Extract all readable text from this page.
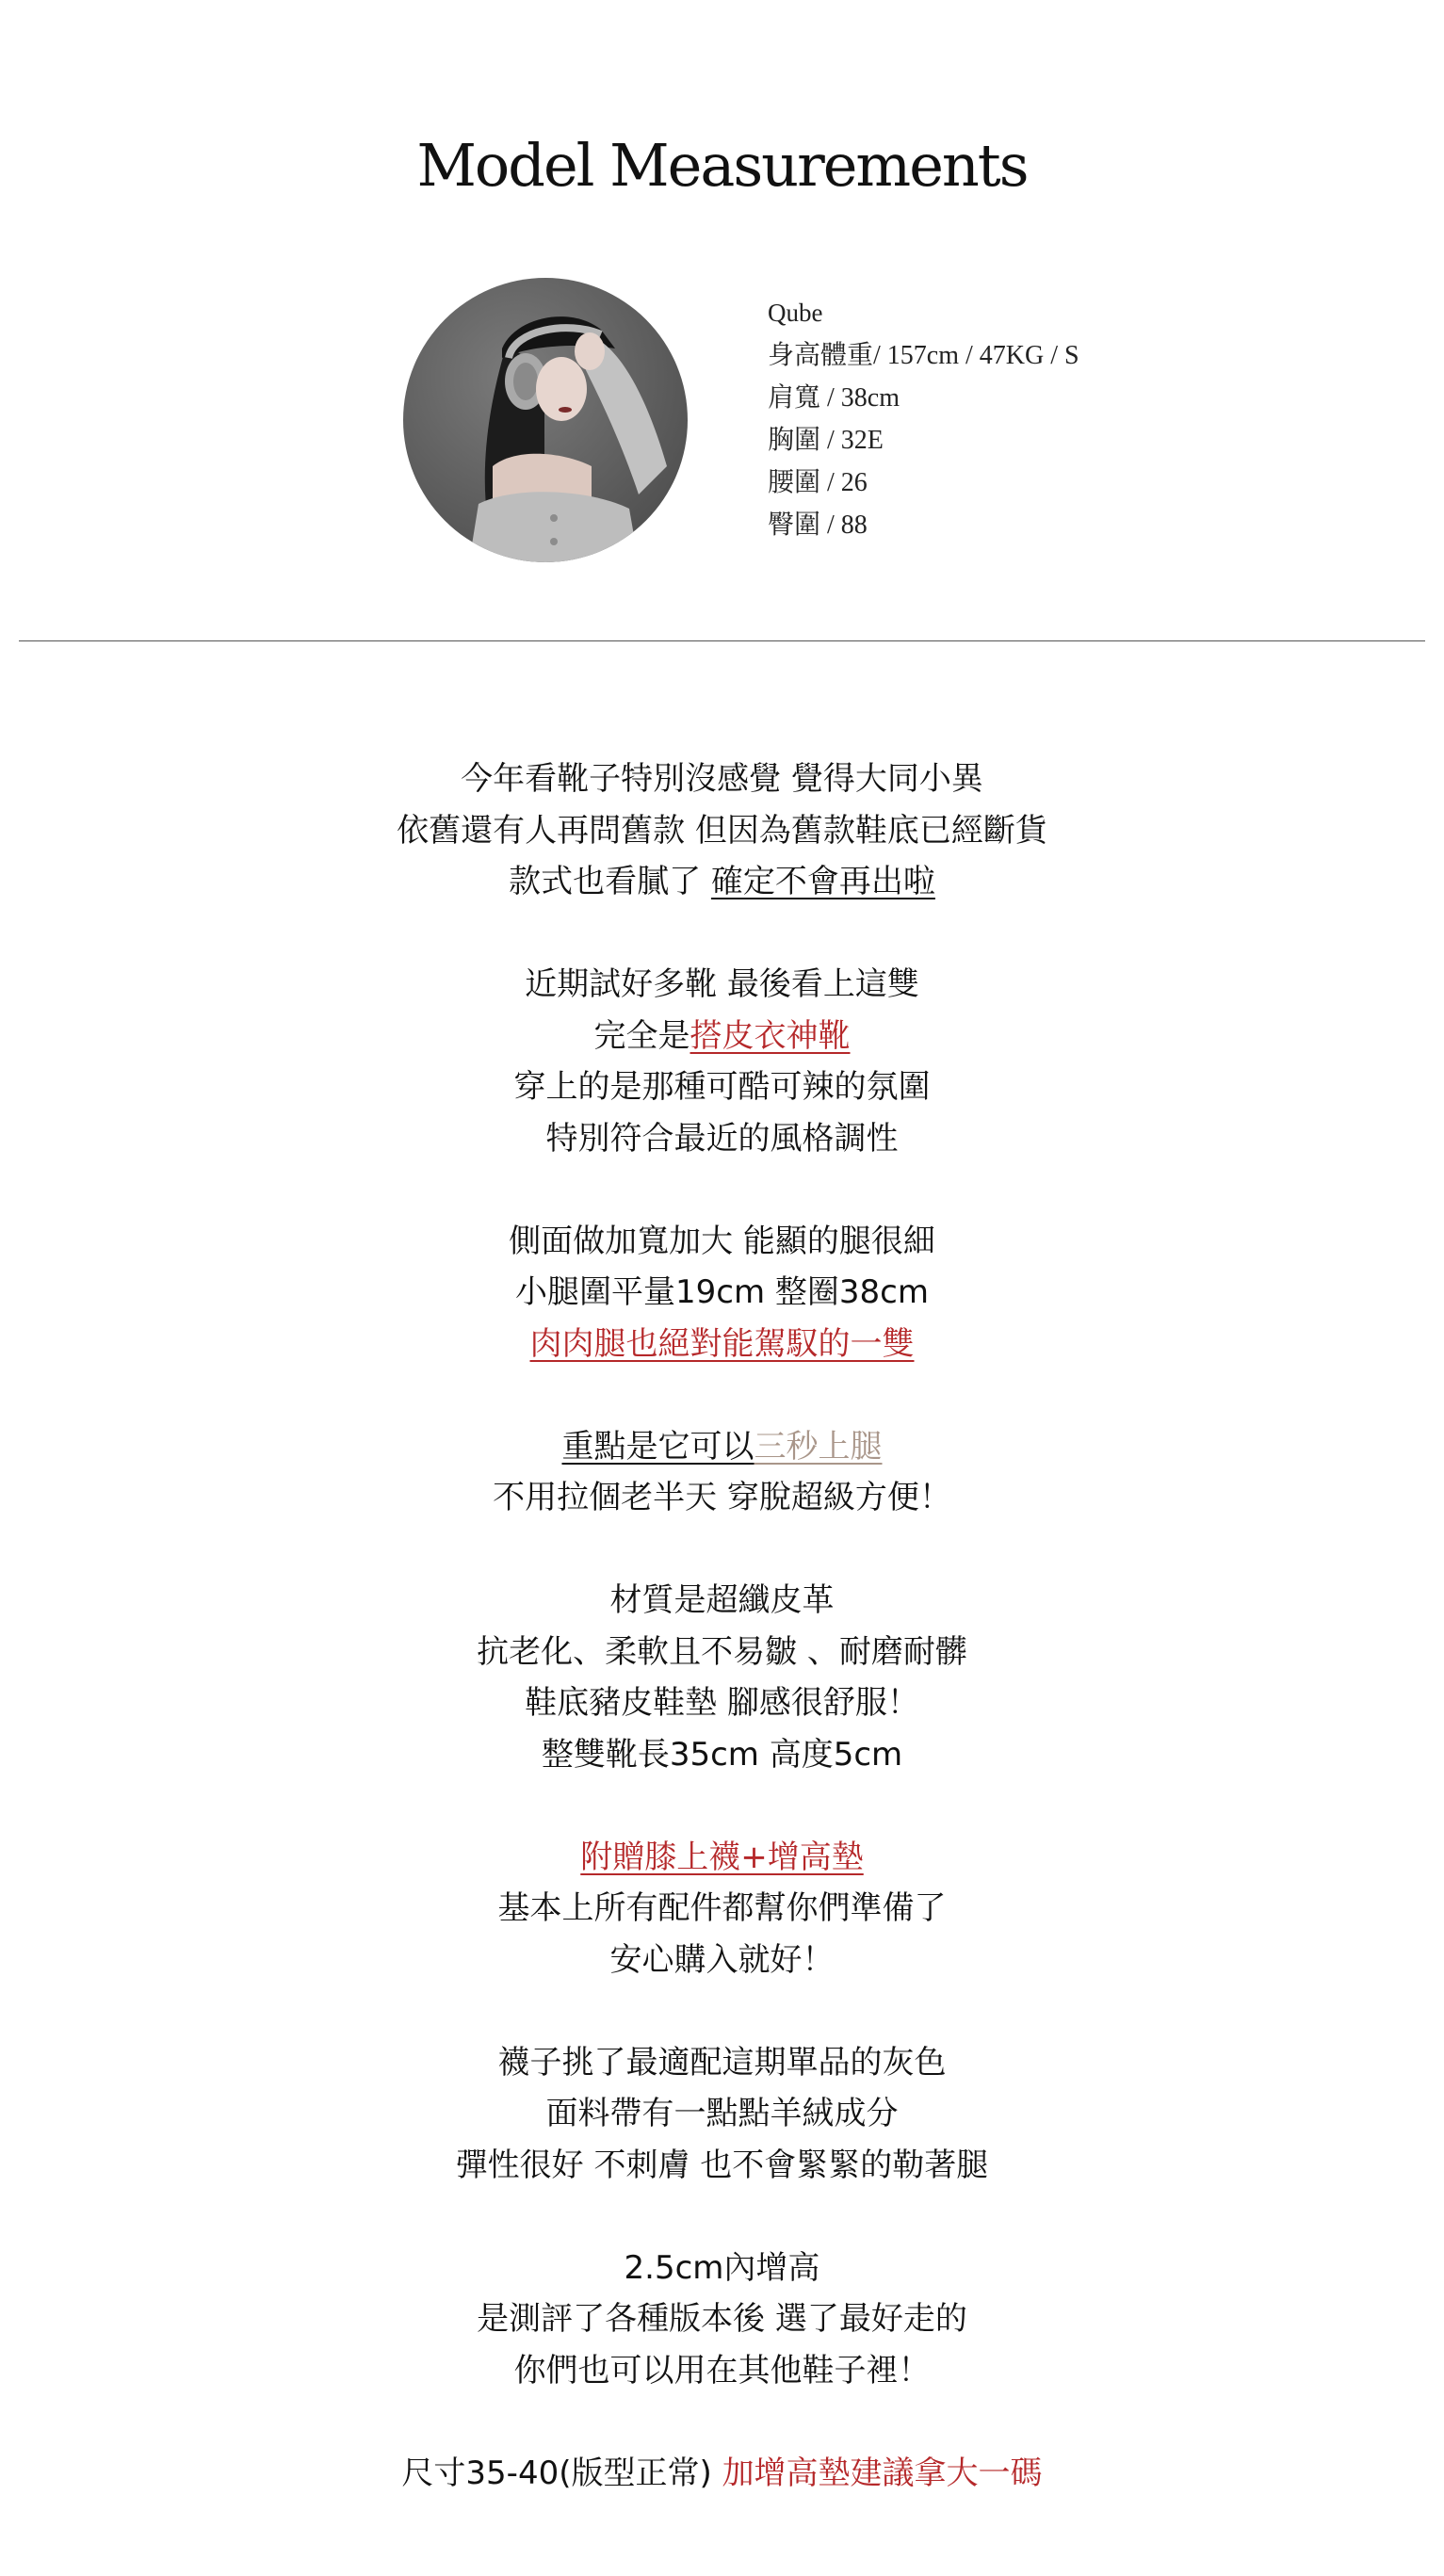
Model Measurements
Qube
身高體重/ 157cm / 47KG / S
肩寬 / 38cm
胸圍 / 32E
腰圍 / 26
臀圍 / 88
今年看靴子特別沒感覺 覺得大同小異
依舊還有人再問舊款 但因為舊款鞋底已經斷貨
款式也看膩了 確定不會再出啦
近期試好多靴 最後看上這雙
完全是搭皮衣神靴
穿上的是那種可酷可辣的氛圍
特別符合最近的風格調性
側面做加寬加大 能顯的腿很細
小腿圍平量19cm 整圈38cm
肉肉腿也絕對能駕馭的一雙
重點是它可以三秒上腿
不用拉個老半天 穿脫超級方便！
材質是超纖皮革
抗老化、柔軟且不易皺 、耐磨耐髒
鞋底豬皮鞋墊 腳感很舒服！
整雙靴長35cm 高度5cm
附贈膝上襪+增高墊
基本上所有配件都幫你們準備了
安心購入就好！
襪子挑了最適配這期單品的灰色
面料帶有一點點羊絨成分
彈性很好 不刺膚 也不會緊緊的勒著腿
2.5cm內增高
是測評了各種版本後 選了最好走的
你們也可以用在其他鞋子裡！
尺寸35-40(版型正常) 加增高墊建議拿大一碼
